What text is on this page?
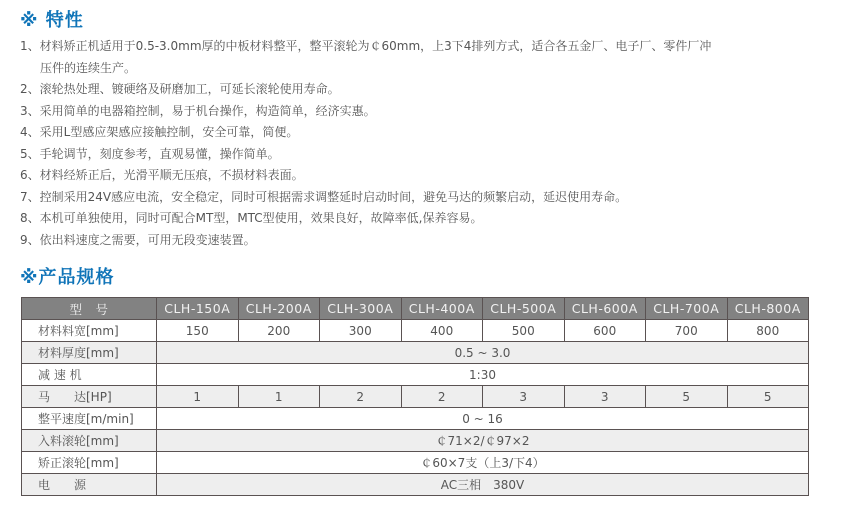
※ 特性
1、材料矫正机适用于0.5-3.0mm厚的中板材料整平，整平滚轮为￠60mm，上3下4排列方式，适合各五金厂、电子厂、零件厂冲
压件的连续生产。
2、滚轮热处理、镀硬络及研磨加工，可延长滚轮使用寿命。
3、采用简单的电器箱控制，易于机台操作，构造简单，经济实惠。
4、采用L型感应架感应接触控制，安全可靠，简便。
5、手轮调节，刻度参考，直观易懂，操作简单。
6、材料经矫正后，光滑平顺无压痕，不损材料表面。
7、控制采用24V感应电流，安全稳定，同时可根据需求调整延时启动时间，避免马达的频繁启动，延迟使用寿命。
8、本机可单独使用，同时可配合MT型，MTC型使用，效果良好，故障率低,保养容易。
9、依出料速度之需要，可用无段变速装置。
※产品规格
型　号	CLH-150A	CLH-200A	CLH-300A	CLH-400A	CLH-500A	CLH-600A	CLH-700A	CLH-800A
材料料宽[mm]	150	200	300	400	500	600	700	800
材料厚度[mm]	0.5 ~ 3.0							
减 速 机	1:30							
马　　达[HP]	1	1	2	2	3	3	5	5
整平速度[m/min]	0 ~ 16							
入料滚轮[mm]	￠71×2/￠97×2							
矫正滚轮[mm]	￠60×7支（上3/下4）							
电　　源	AC三相　380V							
